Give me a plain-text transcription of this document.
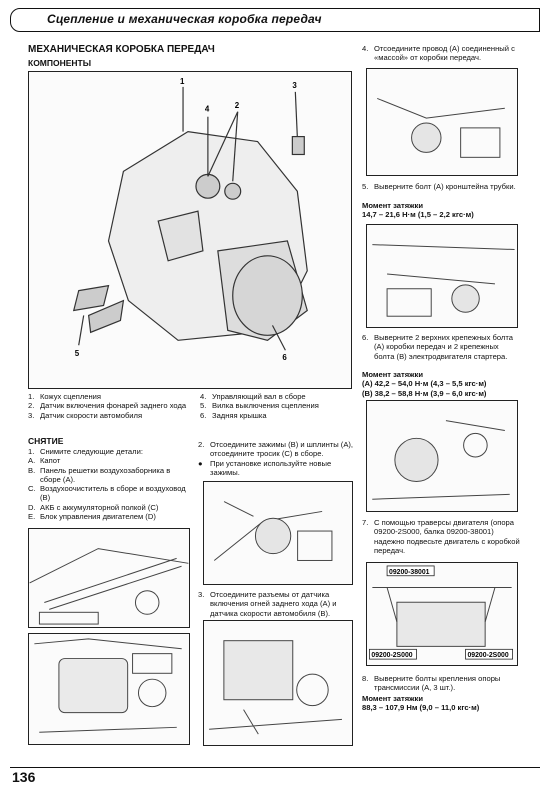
Сцепление и механическая коробка передач
МЕХАНИЧЕСКАЯ КОРОБКА ПЕРЕДАЧ
КОМПОНЕНТЫ
1
2
3
4
5	6
1. Кожух сцепления
2. Датчик включения фонарей заднего хода
3. Датчик скорости автомобиля
4. Управляющий вал в сборе
5. Вилка выключения сцепления
6. Задняя крышка
СНЯТИЕ
1. Снимите следующие детали:
A. Капот
B. Панель решетки воздухозаборника в сборе (А).
C. Воздухоочиститель в сборе и воздуховод (B)
D. АКБ с аккумуляторной полкой (C)
E. Блок управления двигателем (D)
2. Отсоедините зажимы (B) и шплинты (А), отсоедините тросик (С) в сборе.
● При установке используйте новые зажимы.
3. Отсоедините разъемы от датчика включения огней заднего хода (А) и датчика скорости автомобиля (B).
4. Отсоедините провод (А) соединенный с «массой» от коробки передач.
5. Выверните болт (А) кронштейна трубки.
Момент затяжки
14,7 – 21,6 Н·м (1,5 – 2,2 кгс·м)
6. Выверните 2 верхних крепежных болта (А) коробки передач и 2 крепежных болта (В) электродвигателя стартера.
Момент затяжки
(А) 42,2 – 54,0 Н·м (4,3 – 5,5 кгс·м)
(B) 38,2 – 58,8 Н·м (3,9 – 6,0 кгс·м)
7. С помощью траверсы двигателя (опора 09200-2S000, балка 09200-38001) надежно подвесьте двигатель с коробкой передач.
09200-38001
09200-2S000	09200-2S000
8. Выверните болты крепления опоры трансмиссии (А, 3 шт.).
Момент затяжки
88,3 – 107,9 Нм (9,0 – 11,0 кгс·м)
136
